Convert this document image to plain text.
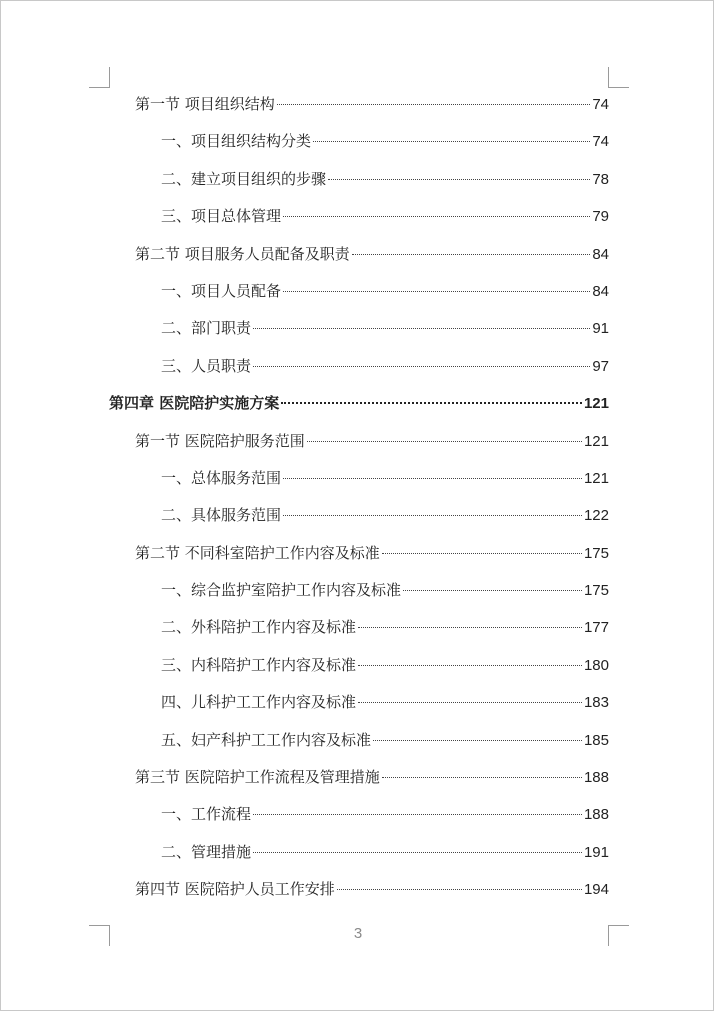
第一节 项目组织结构	74
一、项目组织结构分类	74
二、建立项目组织的步骤	78
三、项目总体管理	79
第二节 项目服务人员配备及职责	84
一、项目人员配备	84
二、部门职责	91
三、人员职责	97
第四章 医院陪护实施方案	121
第一节 医院陪护服务范围	121
一、总体服务范围	121
二、具体服务范围	122
第二节 不同科室陪护工作内容及标准	175
一、综合监护室陪护工作内容及标准	175
二、外科陪护工作内容及标准	177
三、内科陪护工作内容及标准	180
四、儿科护工工作内容及标准	183
五、妇产科护工工作内容及标准	185
第三节 医院陪护工作流程及管理措施	188
一、工作流程	188
二、管理措施	191
第四节 医院陪护人员工作安排	194
3
